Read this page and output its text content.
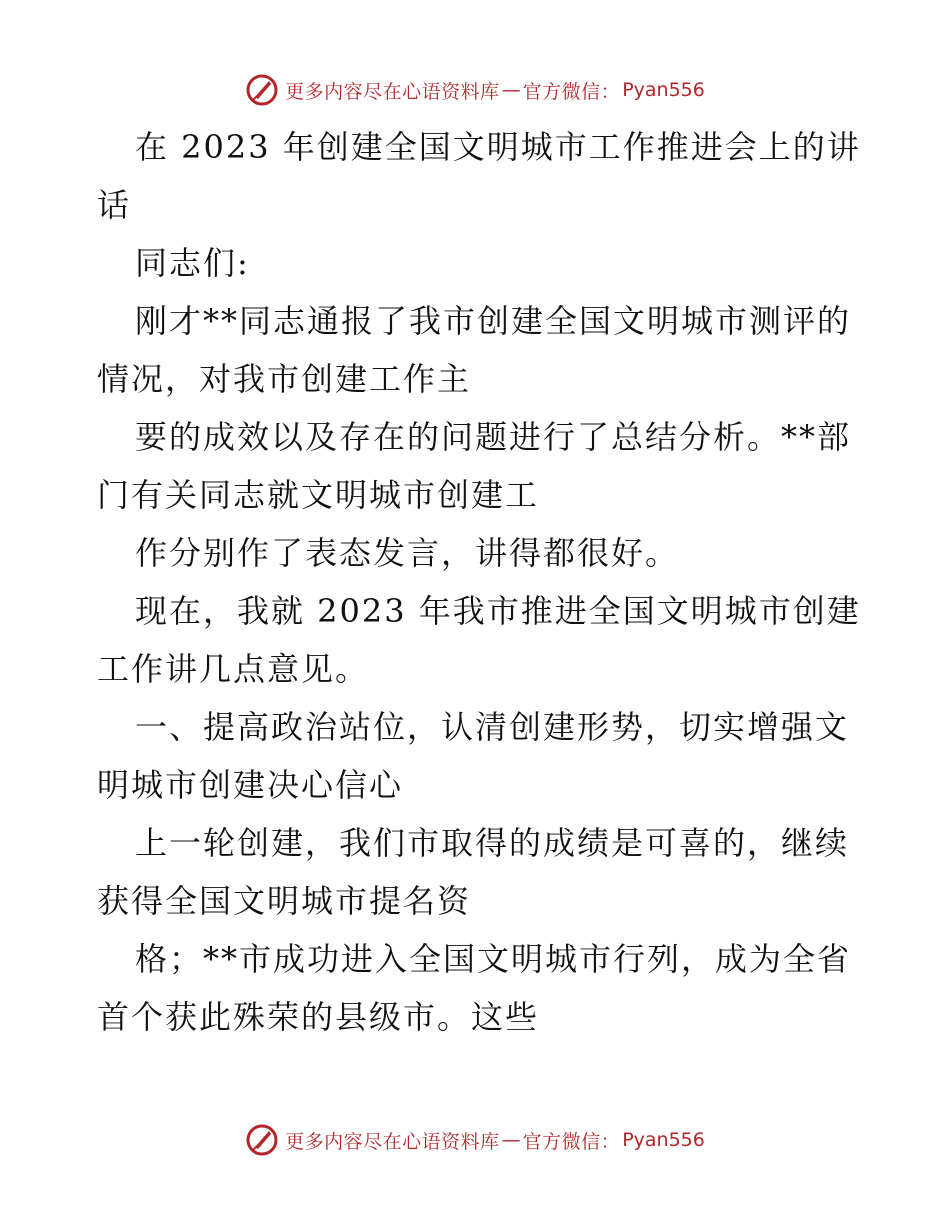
更多内容尽在心语资料库 — 官方微信： Pyan556
在 2023 年创建全国文明城市工作推进会上的讲
话
同志们:
刚才**同志通报了我市创建全国文明城市测评的
情况，对我市创建工作主
要的成效以及存在的问题进行了总结分析。**部
门有关同志就文明城市创建工
作分别作了表态发言，讲得都很好。
现在，我就 2023 年我市推进全国文明城市创建
工作讲几点意见。
一、提高政治站位，认清创建形势，切实增强文
明城市创建决心信心
上一轮创建，我们市取得的成绩是可喜的，继续
获得全国文明城市提名资
格；**市成功进入全国文明城市行列，成为全省
首个获此殊荣的县级市。这些
更多内容尽在心语资料库 — 官方微信： Pyan556
